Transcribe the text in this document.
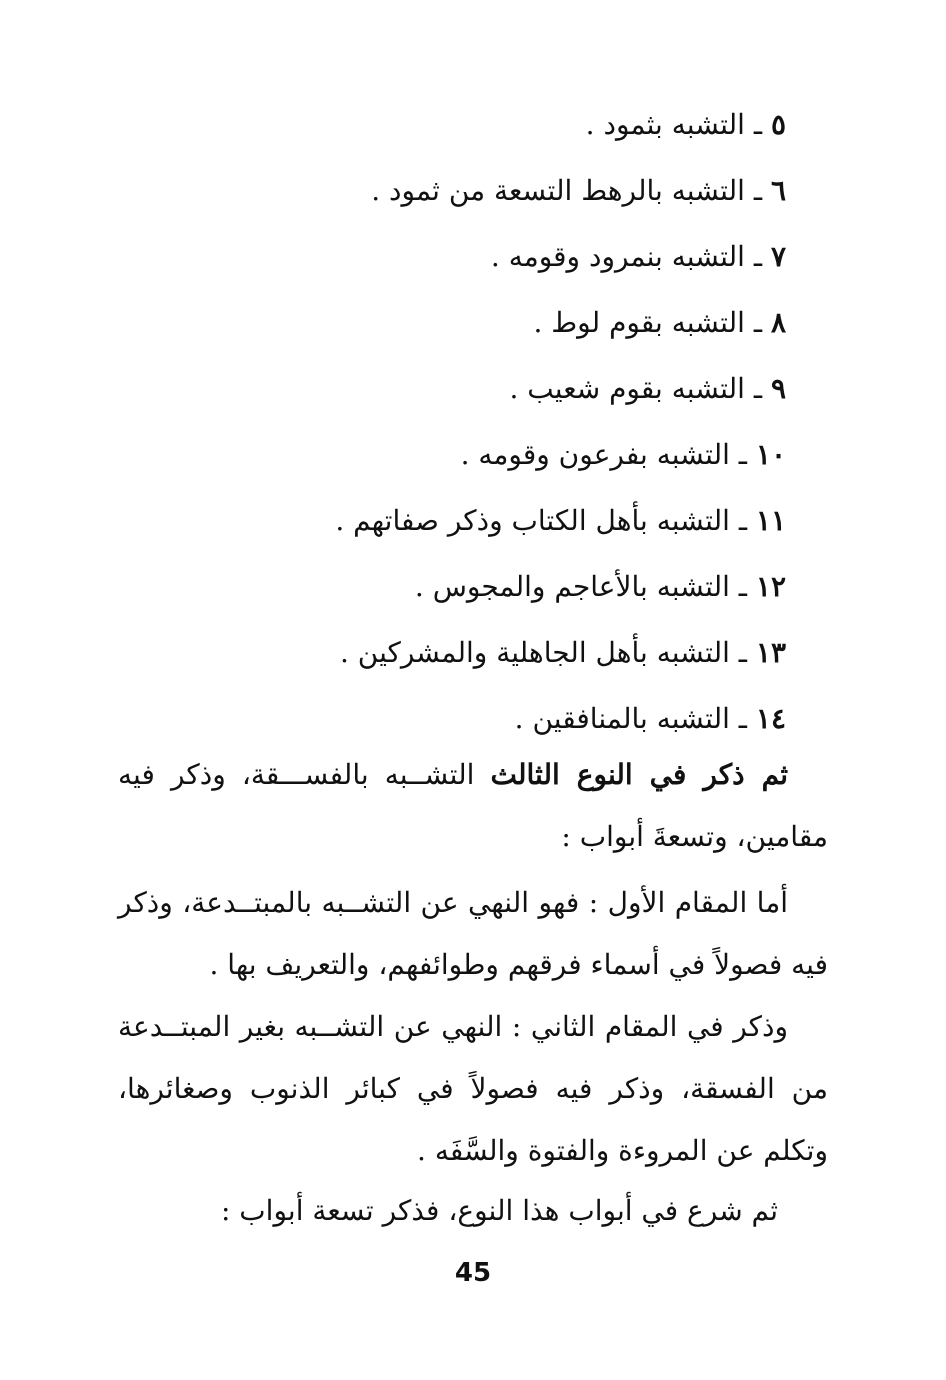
٥ ـ التشبه بثمود .
٦ ـ التشبه بالرهط التسعة من ثمود .
٧ ـ التشبه بنمرود وقومه .
٨ ـ التشبه بقوم لوط .
٩ ـ التشبه بقوم شعيب .
١٠ ـ التشبه بفرعون وقومه .
١١ ـ التشبه بأهل الكتاب وذكر صفاتهم .
١٢ ـ التشبه بالأعاجم والمجوس .
١٣ ـ التشبه بأهل الجاهلية والمشركين .
١٤ ـ التشبه بالمنافقين .

ثم ذكر في النوع الثالث التشــبه بالفســـقة، وذكر فيه مقامين، وتسعةَ أبواب :

أما المقام الأول : فهو النهي عن التشــبه بالمبتــدعة، وذكر فيه فصولاً في أسماء فرقهم وطوائفهم، والتعريف بها .

وذكر في المقام الثاني : النهي عن التشــبه بغير المبتــدعة من الفسقة، وذكر فيه فصولاً في كبائر الذنوب وصغائرها، وتكلم عن المروءة والفتوة والسَّفَه .

ثم شرع في أبواب هذا النوع، فذكر تسعة أبواب :

45
